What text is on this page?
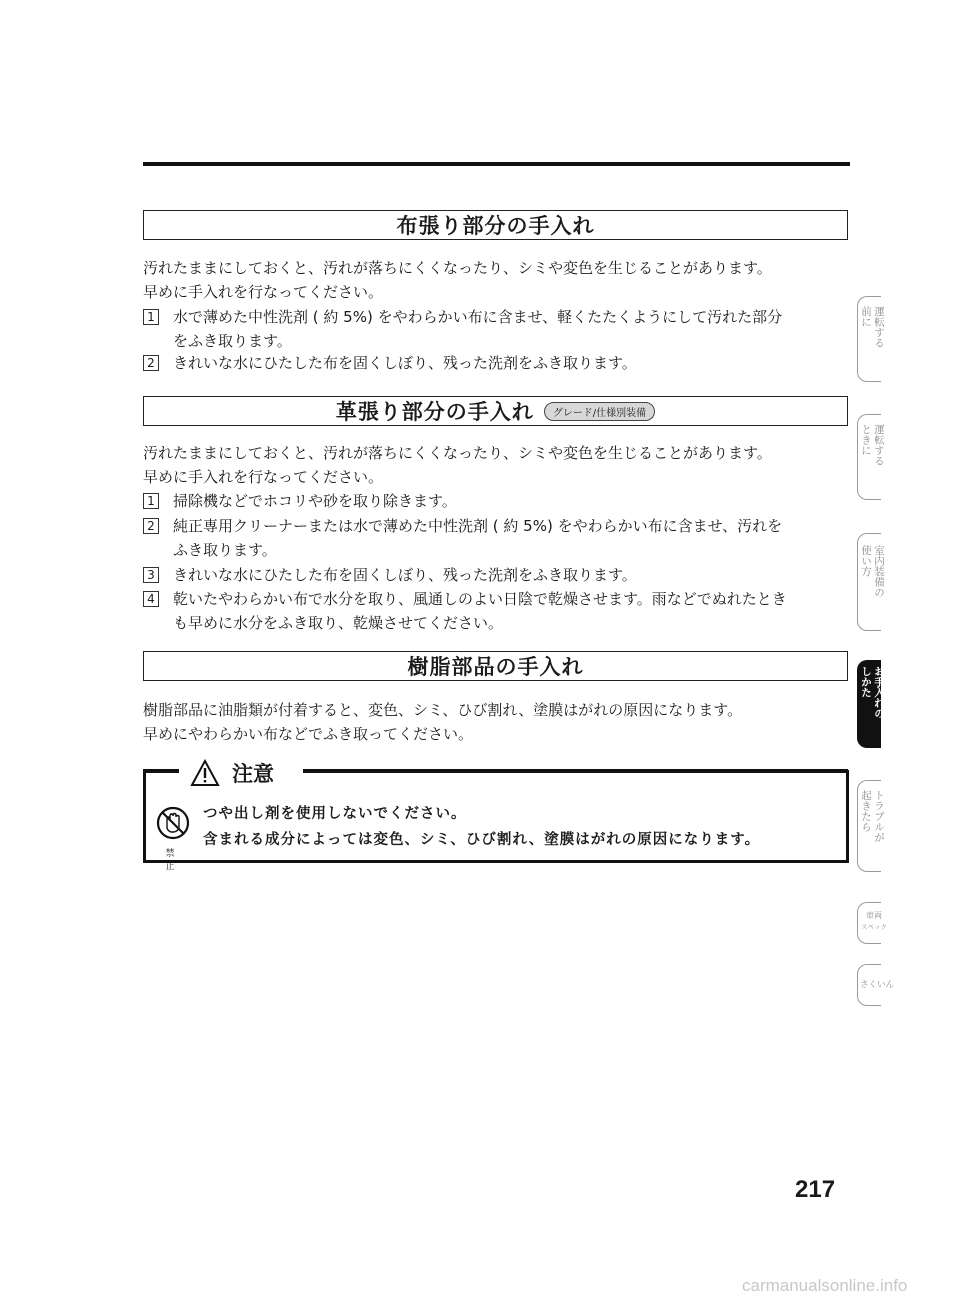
布張り部分の手入れ
汚れたままにしておくと、汚れが落ちにくくなったり、シミや変色を生じることがあります。
早めに手入れを行なってください。
1 水で薄めた中性洗剤 ( 約 5%) をやわらかい布に含ませ、軽くたたくようにして汚れた部分
をふき取ります。
2 きれいな水にひたした布を固くしぼり、残った洗剤をふき取ります。
革張り部分の手入れ	グレード/仕様別装備
汚れたままにしておくと、汚れが落ちにくくなったり、シミや変色を生じることがあります。
早めに手入れを行なってください。
1 掃除機などでホコリや砂を取り除きます。
2 純正専用クリーナーまたは水で薄めた中性洗剤 ( 約 5%) をやわらかい布に含ませ、汚れを
ふき取ります。
3 きれいな水にひたした布を固くしぼり、残った洗剤をふき取ります。
4 乾いたやわらかい布で水分を取り、風通しのよい日陰で乾燥させます。雨などでぬれたとき
も早めに水分をふき取り、乾燥させてください。
樹脂部品の手入れ
樹脂部品に油脂類が付着すると、変色、シミ、ひび割れ、塗膜はがれの原因になります。
早めにやわらかい布などでふき取ってください。
注意
禁 止
つや出し剤を使用しないでください。
含まれる成分によっては変色、シミ、ひび割れ、塗膜はがれの原因になります。
運転する
前に
運転する
ときに
室内装備の
使い方
お手入れの
しかた
トラブルが
起きたら
車両
スペック
さくいん
217
carmanualsonline.info
